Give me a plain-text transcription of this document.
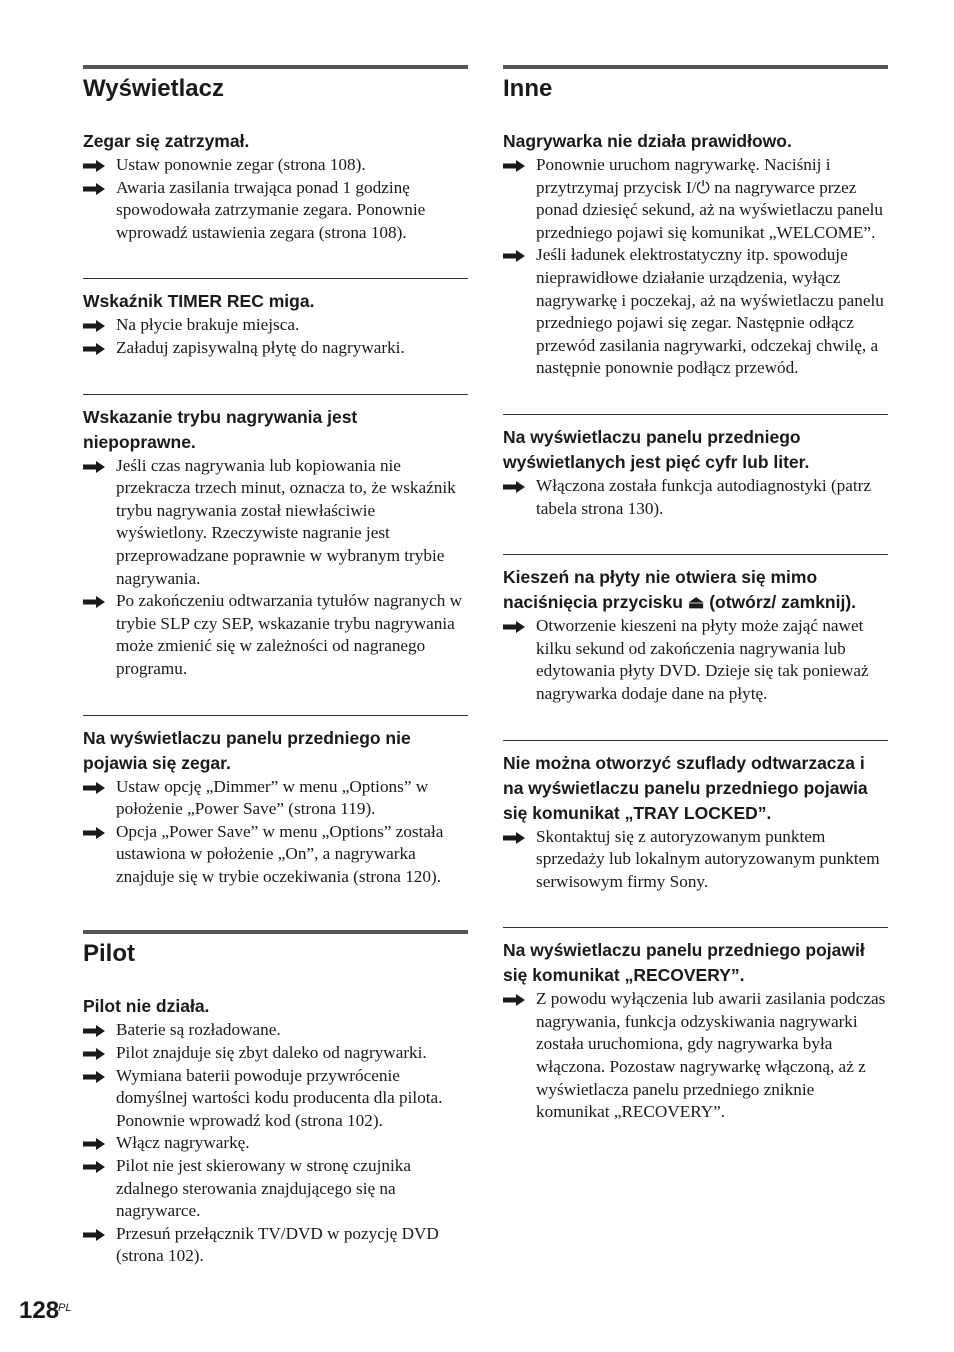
Wyświetlacz

Zegar się zatrzymał.

Ustaw ponownie zegar (strona 108).
Awaria zasilania trwająca ponad 1 godzinę spowodowała zatrzymanie zegara. Ponownie wprowadź ustawienia zegara (strona 108).

Wskaźnik TIMER REC miga.

Na płycie brakuje miejsca.
Załaduj zapisywalną płytę do nagrywarki.

Wskazanie trybu nagrywania jest niepoprawne.

Jeśli czas nagrywania lub kopiowania nie przekracza trzech minut, oznacza to, że wskaźnik trybu nagrywania został niewłaściwie wyświetlony. Rzeczywiste nagranie jest przeprowadzane poprawnie w wybranym trybie nagrywania.
Po zakończeniu odtwarzania tytułów nagranych w trybie SLP czy SEP, wskazanie trybu nagrywania może zmienić się w zależności od nagranego programu.

Na wyświetlaczu panelu przedniego nie pojawia się zegar.

Ustaw opcję „Dimmer” w menu „Options” w położenie „Power Save” (strona 119).
Opcja „Power Save” w menu „Options” została ustawiona w położenie „On”, a nagrywarka znajduje się w trybie oczekiwania (strona 120).
Pilot

Pilot nie działa.

Baterie są rozładowane.
Pilot znajduje się zbyt daleko od nagrywarki.
Wymiana baterii powoduje przywrócenie domyślnej wartości kodu producenta dla pilota. Ponownie wprowadź kod (strona 102).
Włącz nagrywarkę.
Pilot nie jest skierowany w stronę czujnika zdalnego sterowania znajdującego się na nagrywarce.
Przesuń przełącznik TV/DVD w pozycję DVD (strona 102).
Inne

Nagrywarka nie działa prawidłowo.

Ponownie uruchom nagrywarkę. Naciśnij i przytrzymaj przycisk I/⏻ na nagrywarce przez ponad dziesięć sekund, aż na wyświetlaczu panelu przedniego pojawi się komunikat „WELCOME”.
Jeśli ładunek elektrostatyczny itp. spowoduje nieprawidłowe działanie urządzenia, wyłącz nagrywarkę i poczekaj, aż na wyświetlaczu panelu przedniego pojawi się zegar. Następnie odłącz przewód zasilania nagrywarki, odczekaj chwilę, a następnie ponownie podłącz przewód.

Na wyświetlaczu panelu przedniego wyświetlanych jest pięć cyfr lub liter.

Włączona została funkcja autodiagnostyki (patrz tabela strona 130).

Kieszeń na płyty nie otwiera się mimo naciśnięcia przycisku ⏏ (otwórz/ zamknij).

Otworzenie kieszeni na płyty może zająć nawet kilku sekund od zakończenia nagrywania lub edytowania płyty DVD. Dzieje się tak ponieważ nagrywarka dodaje dane na płytę.

Nie można otworzyć szuflady odtwarzacza i na wyświetlaczu panelu przedniego pojawia się komunikat „TRAY LOCKED”.

Skontaktuj się z autoryzowanym punktem sprzedaży lub lokalnym autoryzowanym punktem serwisowym firmy Sony.

Na wyświetlaczu panelu przedniego pojawił się komunikat „RECOVERY”.

Z powodu wyłączenia lub awarii zasilania podczas nagrywania, funkcja odzyskiwania nagrywarki została uruchomiona, gdy nagrywarka była włączona. Pozostaw nagrywarkę włączoną, aż z wyświetlacza panelu przedniego zniknie komunikat „RECOVERY”.
128
PL
